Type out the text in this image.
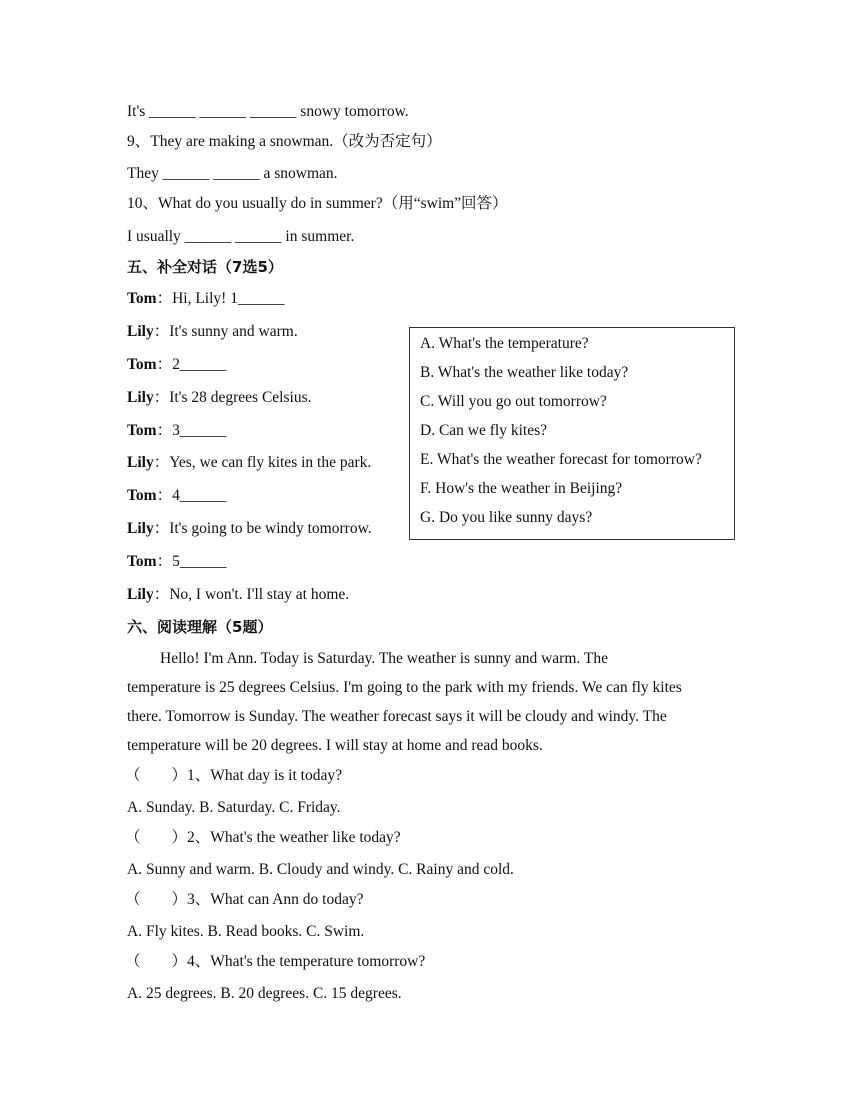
It's ______ ______ ______ snowy tomorrow.
9、They are making a snowman.（改为否定句）
They ______ ______ a snowman.
10、What do you usually do in summer?（用“swim”回答）
I usually ______ ______ in summer.
五、补全对话（7选5）
Tom：Hi, Lily! 1______
Lily：It's sunny and warm.
Tom：2______
Lily：It's 28 degrees Celsius.
Tom：3______
Lily：Yes, we can fly kites in the park.
Tom：4______
Lily：It's going to be windy tomorrow.
Tom：5______
Lily：No, I won't. I'll stay at home.
A. What's the temperature?
B. What's the weather like today?
C. Will you go out tomorrow?
D. Can we fly kites?
E. What's the weather forecast for tomorrow?
F. How's the weather in Beijing?
G. Do you like sunny days?
六、阅读理解（5题）
Hello! I'm Ann. Today is Saturday. The weather is sunny and warm. The
temperature is 25 degrees Celsius. I'm going to the park with my friends. We can fly kites
there. Tomorrow is Sunday. The weather forecast says it will be cloudy and windy. The
temperature will be 20 degrees. I will stay at home and read books.
（　　）1、What day is it today?
A. Sunday. B. Saturday. C. Friday.
（　　）2、What's the weather like today?
A. Sunny and warm. B. Cloudy and windy. C. Rainy and cold.
（　　）3、What can Ann do today?
A. Fly kites. B. Read books. C. Swim.
（　　）4、What's the temperature tomorrow?
A. 25 degrees. B. 20 degrees. C. 15 degrees.
